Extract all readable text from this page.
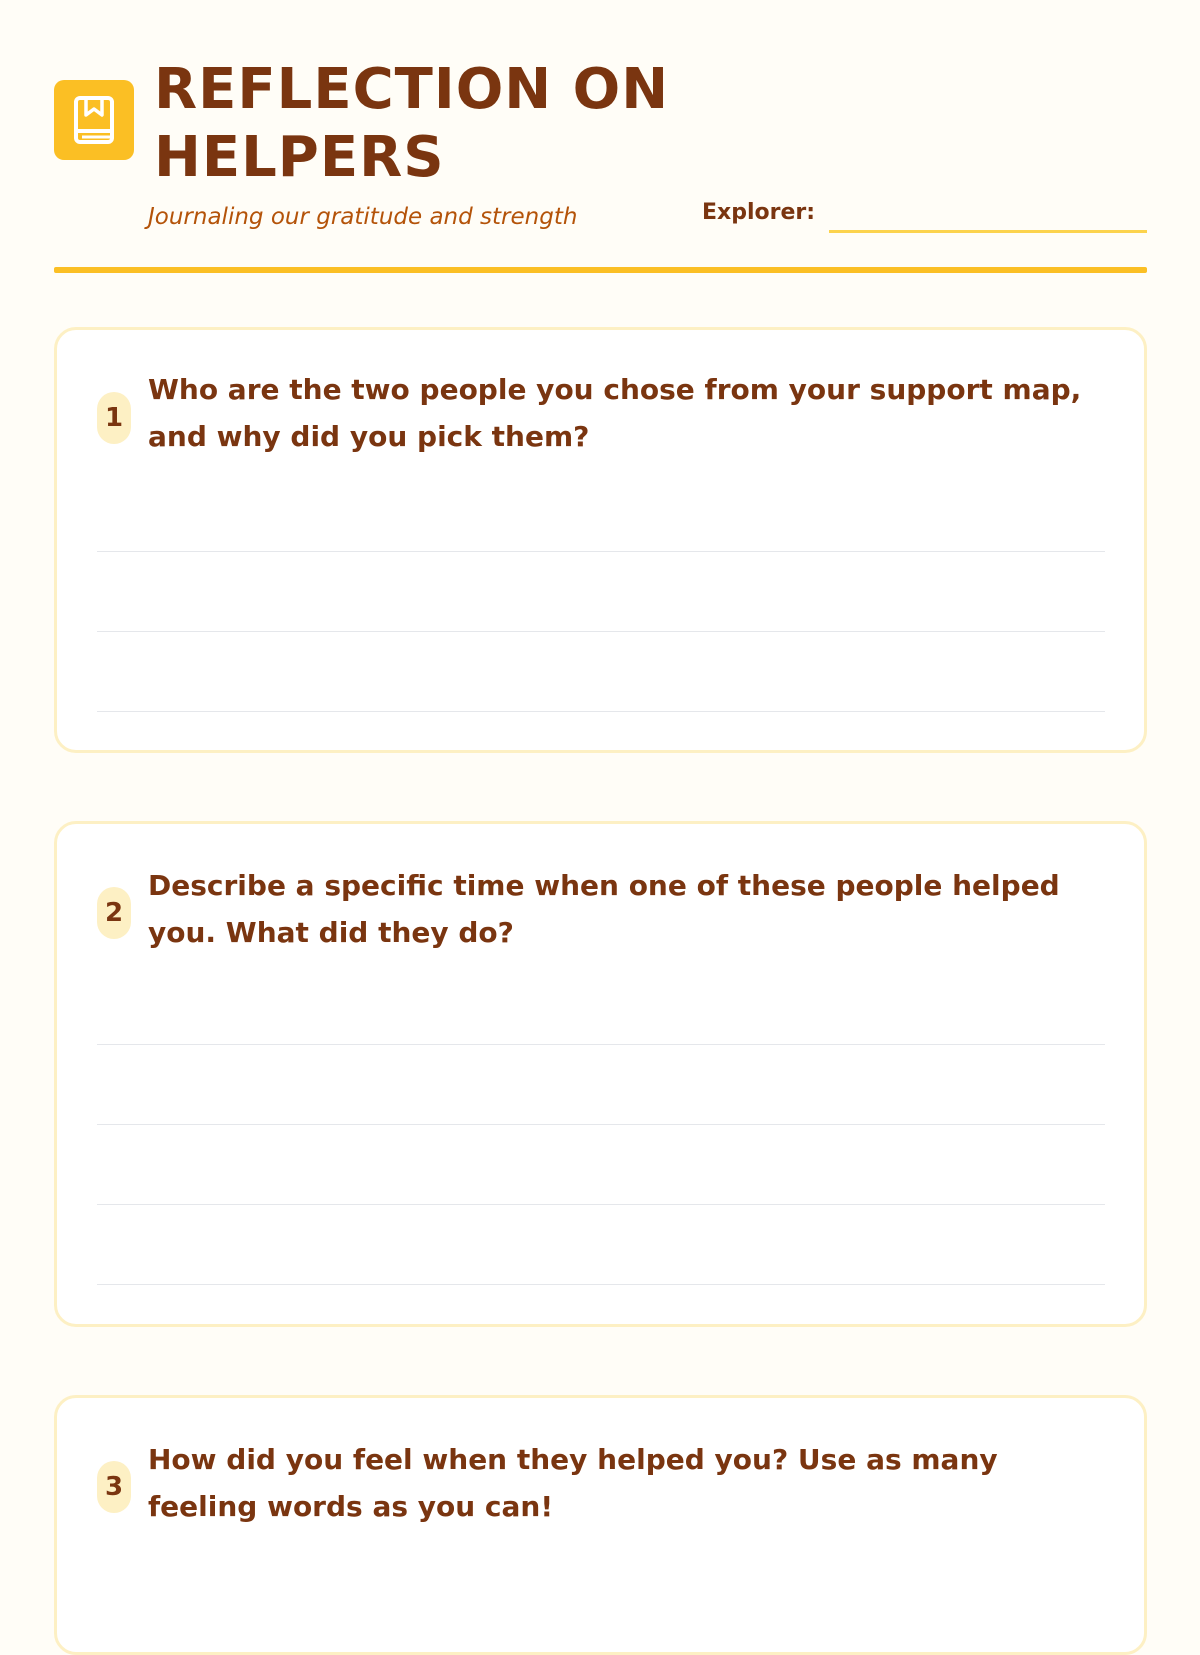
REFLECTION ON HELPERS
Journaling our gratitude and strength	Explorer:
1

Who are the two people you chose from your support map, and why did you pick them?

2

Describe a specific time when one of these people helped you. What did they do?

3

How did you feel when they helped you? Use as many feeling words as you can!
